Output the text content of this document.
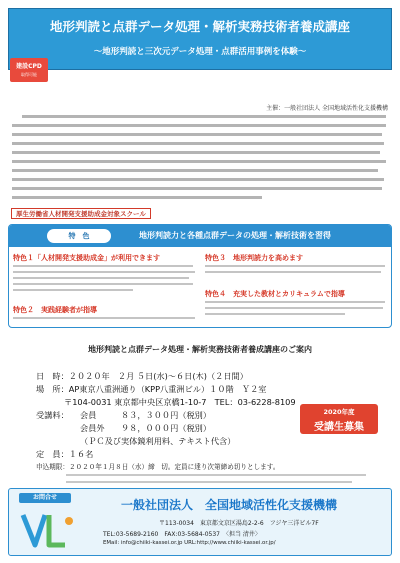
地形判読と点群データ処理・解析実務技術者養成講座
～地形判読と三次元データ処理・点群活用事例を体験～
建設CPD
取得可能
主催：一般社団法人 全国地域活性化支援機構
厚生労働省人材開発支援助成金対象スクール
特　色	地形判読力と各種点群データの処理・解析技術を習得
特色１「人材開発支援助成金」が利用できます
特色２　実践経験者が指導
特色３　地形判読力を高めます
特色４　充実した教材とカリキュラムで指導
地形判読と点群データ処理・解析実務技術者養成講座のご案内
日　時：２０２０年　２月 ５日(水)～６日(木)（２日間）
場　所：AP東京八重洲通り（KPP八重洲ビル）１０階　Ｙ２室
〒104-0031 東京都中央区京橋1-10-7　TEL：03-6228-8109
受講料： 会員　　　８３，３００円（税別）
会員外　　９８，０００円（税別）
（ＰＣ及び実体鏡利用料、テキスト代含）
定　員：１６名
申込期限：２０２０年１月８日（水）締　切。定員に達り次第締め切りとします。
2020年度
受講生募集
お問合せ
一般社団法人　全国地域活性化支援機構
〒113-0034　東京都文京区湯島2-2-6　フジヤ三洋ビル7F
TEL:03-5689-2160　FAX:03-5684-0537　〈担当 清井〉
EMail: info@chiiki-kassei.or.jp URL:http://www.chiiki-kassei.or.jp/
